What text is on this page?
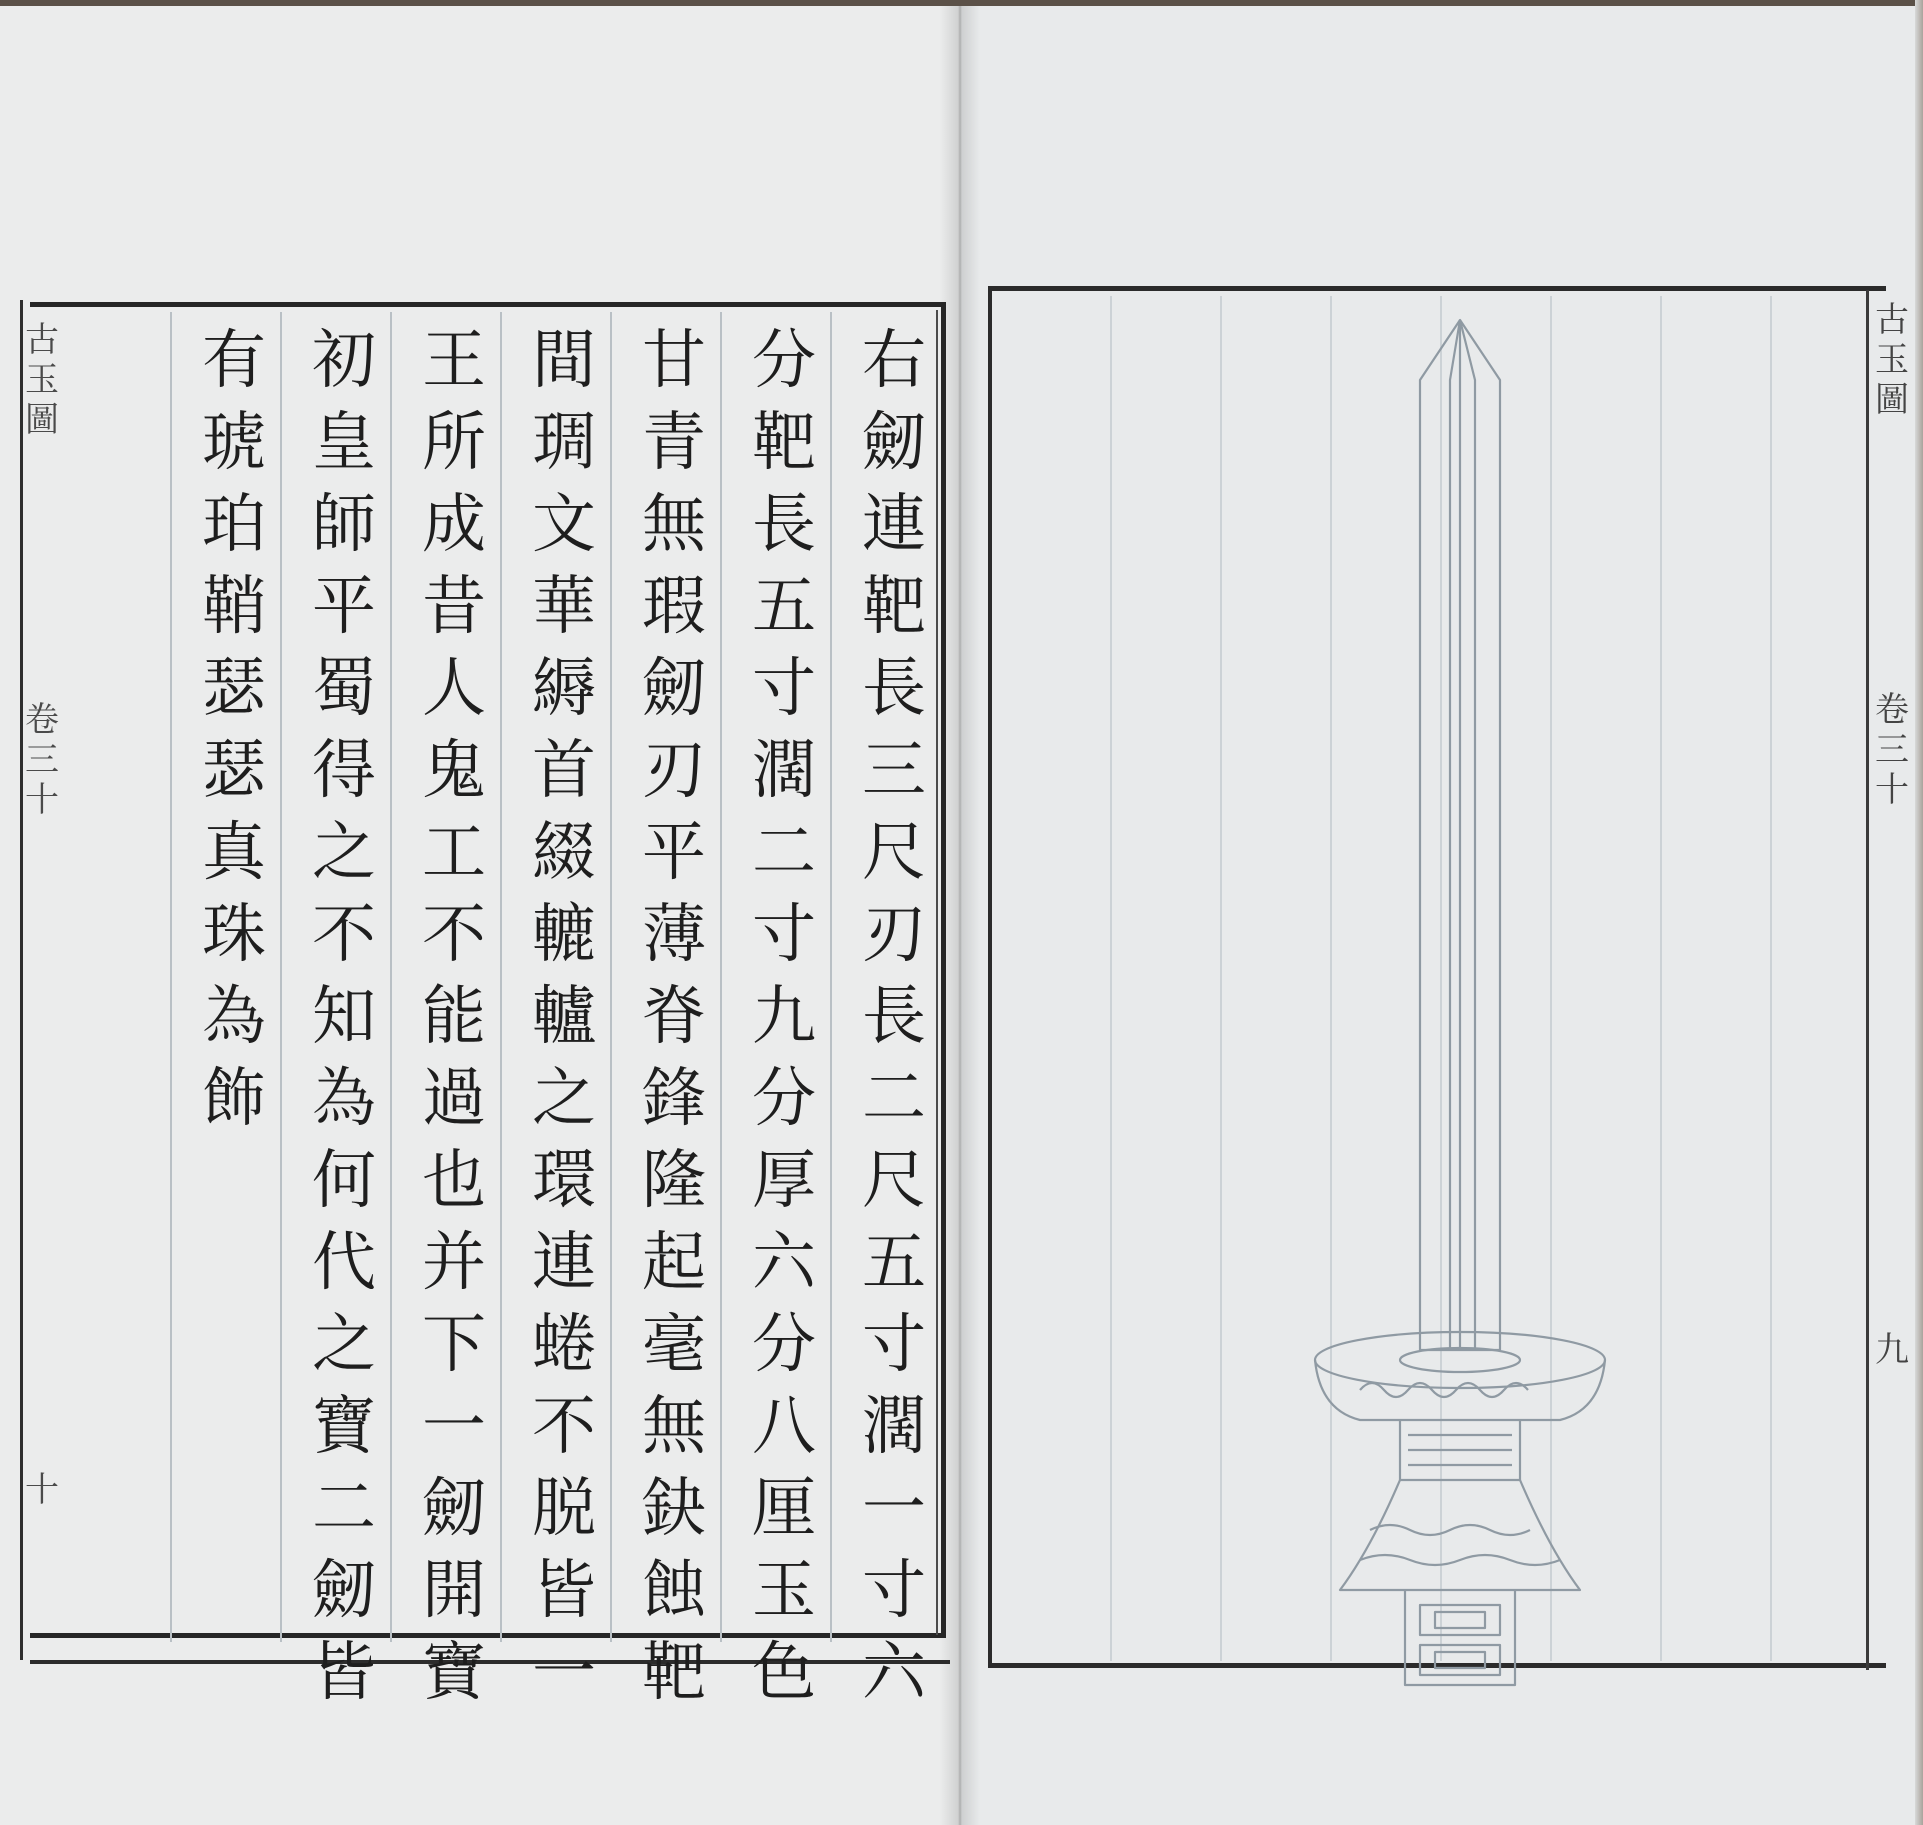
古
玉
圖
卷
三
十
十
右
劒
連
靶
長
三
尺
刃
長
二
尺
五
寸
濶
一
寸
六
分
靶
長
五
寸
濶
二
寸
九
分
厚
六
分
八
厘
玉
色
甘
青
無
瑕
劒
刃
平
薄
脊
鋒
隆
起
毫
無
鈌
蝕
靶
間
琱
文
華
縟
首
綴
轆
轤
之
環
連
蜷
不
脱
皆
一
王
所
成
昔
人
鬼
工
不
能
過
也
并
下
一
劒
開
寶
初
皇
師
平
蜀
得
之
不
知
為
何
代
之
寶
二
劒
皆
有
琥
珀
鞘
瑟
瑟
真
珠
為
飾
古
玉
圖
卷
三
十
九
